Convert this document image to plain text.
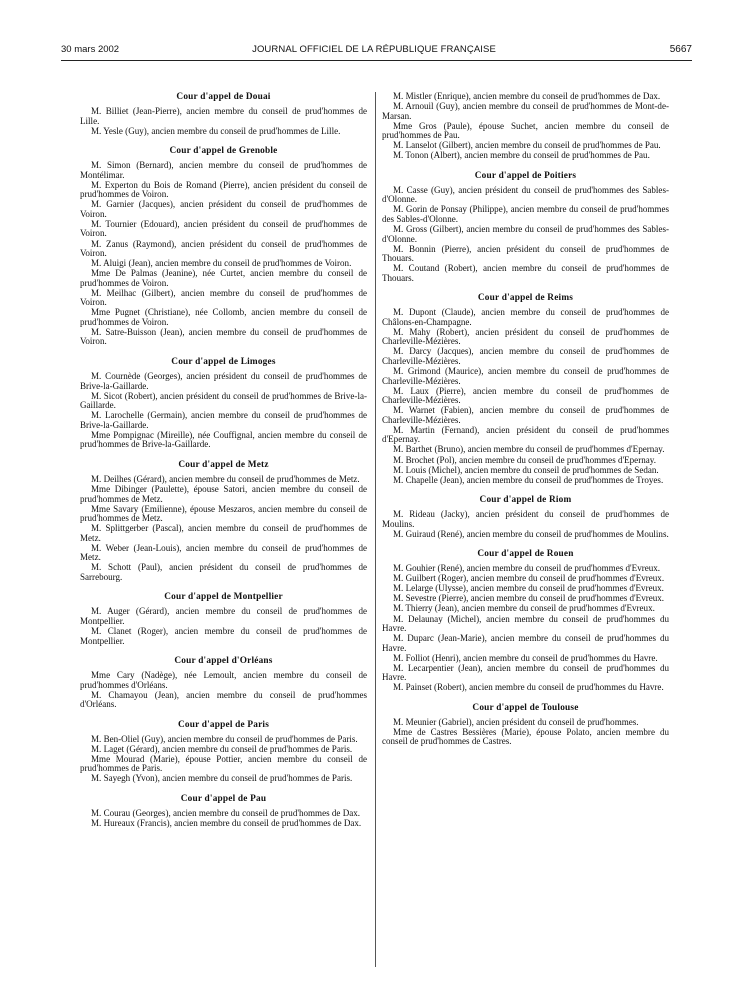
30 mars 2002	JOURNAL OFFICIEL DE LA RÉPUBLIQUE FRANÇAISE	5667
Cour d'appel de Douai

M. Billiet (Jean-Pierre), ancien membre du conseil de prud'hommes de Lille.

M. Yesle (Guy), ancien membre du conseil de prud'hommes de Lille.

Cour d'appel de Grenoble

M. Simon (Bernard), ancien membre du conseil de prud'hommes de Montélimar.

M. Experton du Bois de Romand (Pierre), ancien président du conseil de prud'hommes de Voiron.

M. Garnier (Jacques), ancien président du conseil de prud'hommes de Voiron.

M. Tournier (Edouard), ancien président du conseil de prud'hommes de Voiron.

M. Zanus (Raymond), ancien président du conseil de prud'hommes de Voiron.

M. Aluigi (Jean), ancien membre du conseil de prud'hommes de Voiron.

Mme De Palmas (Jeanine), née Curtet, ancien membre du conseil de prud'hommes de Voiron.

M. Meilhac (Gilbert), ancien membre du conseil de prud'hommes de Voiron.

Mme Pugnet (Christiane), née Collomb, ancien membre du conseil de prud'hommes de Voiron.

M. Satre-Buisson (Jean), ancien membre du conseil de prud'hommes de Voiron.

Cour d'appel de Limoges

M. Cournède (Georges), ancien président du conseil de prud'hommes de Brive-la-Gaillarde.

M. Sicot (Robert), ancien président du conseil de prud'hommes de Brive-la-Gaillarde.

M. Larochelle (Germain), ancien membre du conseil de prud'hommes de Brive-la-Gaillarde.

Mme Pompignac (Mireille), née Couffignal, ancien membre du conseil de prud'hommes de Brive-la-Gaillarde.

Cour d'appel de Metz

M. Deilhes (Gérard), ancien membre du conseil de prud'hommes de Metz.

Mme Dibinger (Paulette), épouse Satori, ancien membre du conseil de prud'hommes de Metz.

Mme Savary (Emilienne), épouse Meszaros, ancien membre du conseil de prud'hommes de Metz.

M. Splittgerber (Pascal), ancien membre du conseil de prud'hommes de Metz.

M. Weber (Jean-Louis), ancien membre du conseil de prud'hommes de Metz.

M. Schott (Paul), ancien président du conseil de prud'hommes de Sarrebourg.

Cour d'appel de Montpellier

M. Auger (Gérard), ancien membre du conseil de prud'hommes de Montpellier.

M. Clanet (Roger), ancien membre du conseil de prud'hommes de Montpellier.

Cour d'appel d'Orléans

Mme Cary (Nadège), née Lemoult, ancien membre du conseil de prud'hommes d'Orléans.

M. Chamayou (Jean), ancien membre du conseil de prud'hommes d'Orléans.

Cour d'appel de Paris

M. Ben-Oliel (Guy), ancien membre du conseil de prud'hommes de Paris.

M. Laget (Gérard), ancien membre du conseil de prud'hommes de Paris.

Mme Mourad (Marie), épouse Pottier, ancien membre du conseil de prud'hommes de Paris.

M. Sayegh (Yvon), ancien membre du conseil de prud'hommes de Paris.

Cour d'appel de Pau

M. Courau (Georges), ancien membre du conseil de prud'hommes de Dax.

M. Hureaux (Francis), ancien membre du conseil de prud'hommes de Dax.

M. Mistler (Enrique), ancien membre du conseil de prud'hommes de Dax.

M. Arnouil (Guy), ancien membre du conseil de prud'hommes de Mont-de-Marsan.

Mme Gros (Paule), épouse Suchet, ancien membre du conseil de prud'hommes de Pau.

M. Lanselot (Gilbert), ancien membre du conseil de prud'hommes de Pau.

M. Tonon (Albert), ancien membre du conseil de prud'hommes de Pau.

Cour d'appel de Poitiers

M. Casse (Guy), ancien président du conseil de prud'hommes des Sables-d'Olonne.

M. Gorin de Ponsay (Philippe), ancien membre du conseil de prud'hommes des Sables-d'Olonne.

M. Gross (Gilbert), ancien membre du conseil de prud'hommes des Sables-d'Olonne.

M. Bonnin (Pierre), ancien président du conseil de prud'hommes de Thouars.

M. Coutand (Robert), ancien membre du conseil de prud'hommes de Thouars.

Cour d'appel de Reims

M. Dupont (Claude), ancien membre du conseil de prud'hommes de Châlons-en-Champagne.

M. Mahy (Robert), ancien président du conseil de prud'hommes de Charleville-Mézières.

M. Darcy (Jacques), ancien membre du conseil de prud'hommes de Charleville-Mézières.

M. Grimond (Maurice), ancien membre du conseil de prud'hommes de Charleville-Mézières.

M. Laux (Pierre), ancien membre du conseil de prud'hommes de Charleville-Mézières.

M. Warnet (Fabien), ancien membre du conseil de prud'hommes de Charleville-Mézières.

M. Martin (Fernand), ancien président du conseil de prud'hommes d'Epernay.

M. Barthet (Bruno), ancien membre du conseil de prud'hommes d'Epernay.

M. Brochet (Pol), ancien membre du conseil de prud'hommes d'Epernay.

M. Louis (Michel), ancien membre du conseil de prud'hommes de Sedan.

M. Chapelle (Jean), ancien membre du conseil de prud'hommes de Troyes.

Cour d'appel de Riom

M. Rideau (Jacky), ancien président du conseil de prud'hommes de Moulins.

M. Guiraud (René), ancien membre du conseil de prud'hommes de Moulins.

Cour d'appel de Rouen

M. Gouhier (René), ancien membre du conseil de prud'hommes d'Evreux.

M. Guilbert (Roger), ancien membre du conseil de prud'hommes d'Evreux.

M. Lelarge (Ulysse), ancien membre du conseil de prud'hommes d'Evreux.

M. Sevestre (Pierre), ancien membre du conseil de prud'hommes d'Evreux.

M. Thierry (Jean), ancien membre du conseil de prud'hommes d'Evreux.

M. Delaunay (Michel), ancien membre du conseil de prud'hommes du Havre.

M. Duparc (Jean-Marie), ancien membre du conseil de prud'hommes du Havre.

M. Folliot (Henri), ancien membre du conseil de prud'hommes du Havre.

M. Lecarpentier (Jean), ancien membre du conseil de prud'hommes du Havre.

M. Painset (Robert), ancien membre du conseil de prud'hommes du Havre.

Cour d'appel de Toulouse

M. Meunier (Gabriel), ancien président du conseil de prud'hommes.

Mme de Castres Bessières (Marie), épouse Polato, ancien membre du conseil de prud'hommes de Castres.
